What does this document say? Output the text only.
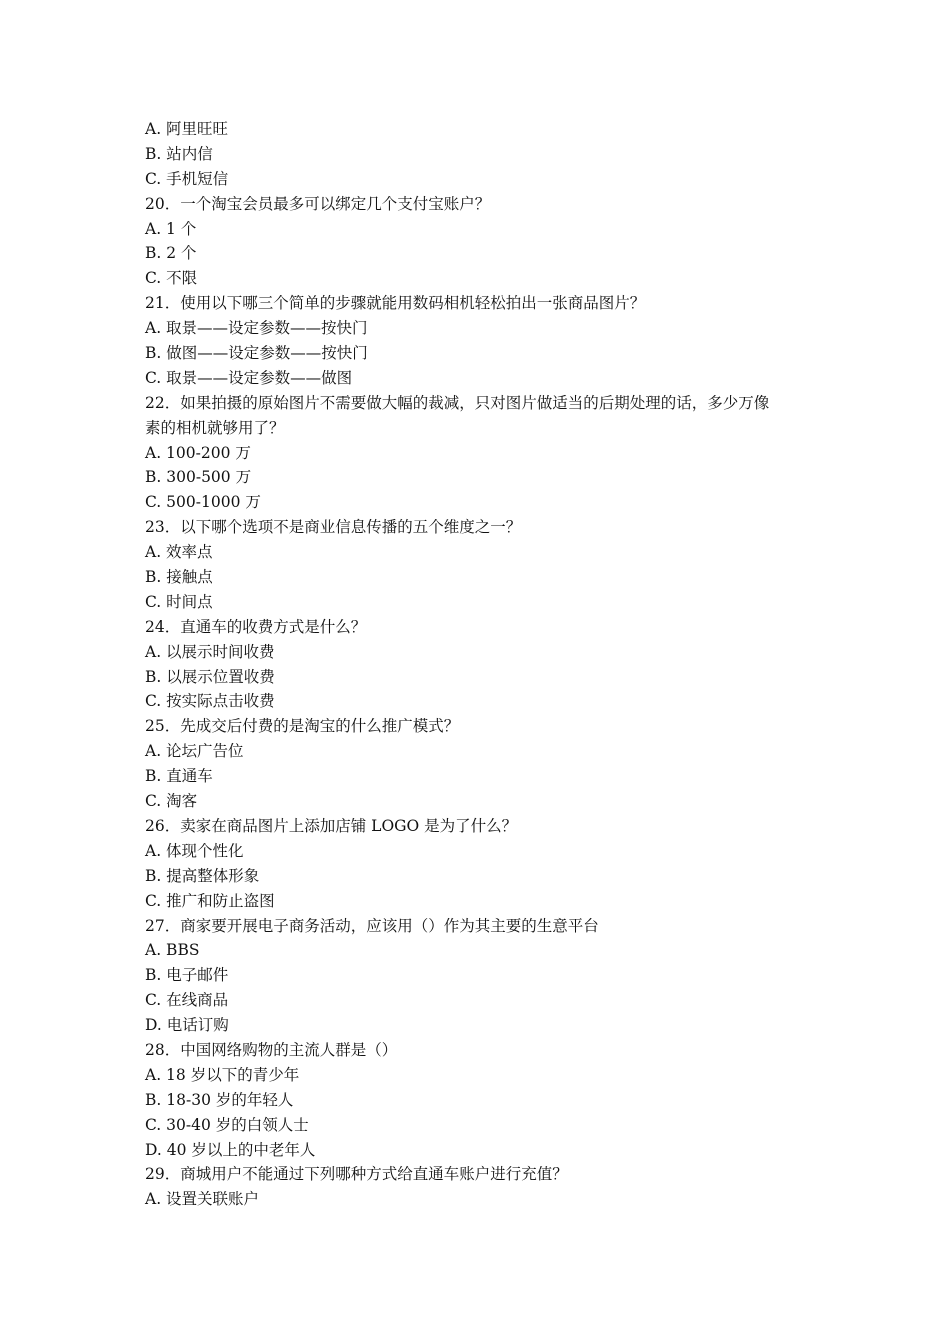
A. 阿里旺旺
B. 站内信
C. 手机短信
20．一个淘宝会员最多可以绑定几个支付宝账户？
A. 1 个
B. 2 个
C. 不限
21．使用以下哪三个简单的步骤就能用数码相机轻松拍出一张商品图片？
A. 取景——设定参数——按快门
B. 做图——设定参数——按快门
C. 取景——设定参数——做图
22．如果拍摄的原始图片不需要做大幅的裁减，只对图片做适当的后期处理的话，多少万像
素的相机就够用了？
A. 100-200 万
B. 300-500 万
C. 500-1000 万
23．以下哪个选项不是商业信息传播的五个维度之一？
A. 效率点
B. 接触点
C. 时间点
24．直通车的收费方式是什么？
A. 以展示时间收费
B. 以展示位置收费
C. 按实际点击收费
25．先成交后付费的是淘宝的什么推广模式？
A. 论坛广告位
B. 直通车
C. 淘客
26．卖家在商品图片上添加店铺 LOGO 是为了什么？
A. 体现个性化
B. 提高整体形象
C. 推广和防止盗图
27．商家要开展电子商务活动，应该用（）作为其主要的生意平台
A. BBS
B. 电子邮件
C. 在线商品
D. 电话订购
28．中国网络购物的主流人群是（）
A. 18 岁以下的青少年
B. 18-30 岁的年轻人
C. 30-40 岁的白领人士
D. 40 岁以上的中老年人
29．商城用户不能通过下列哪种方式给直通车账户进行充值？
A. 设置关联账户
